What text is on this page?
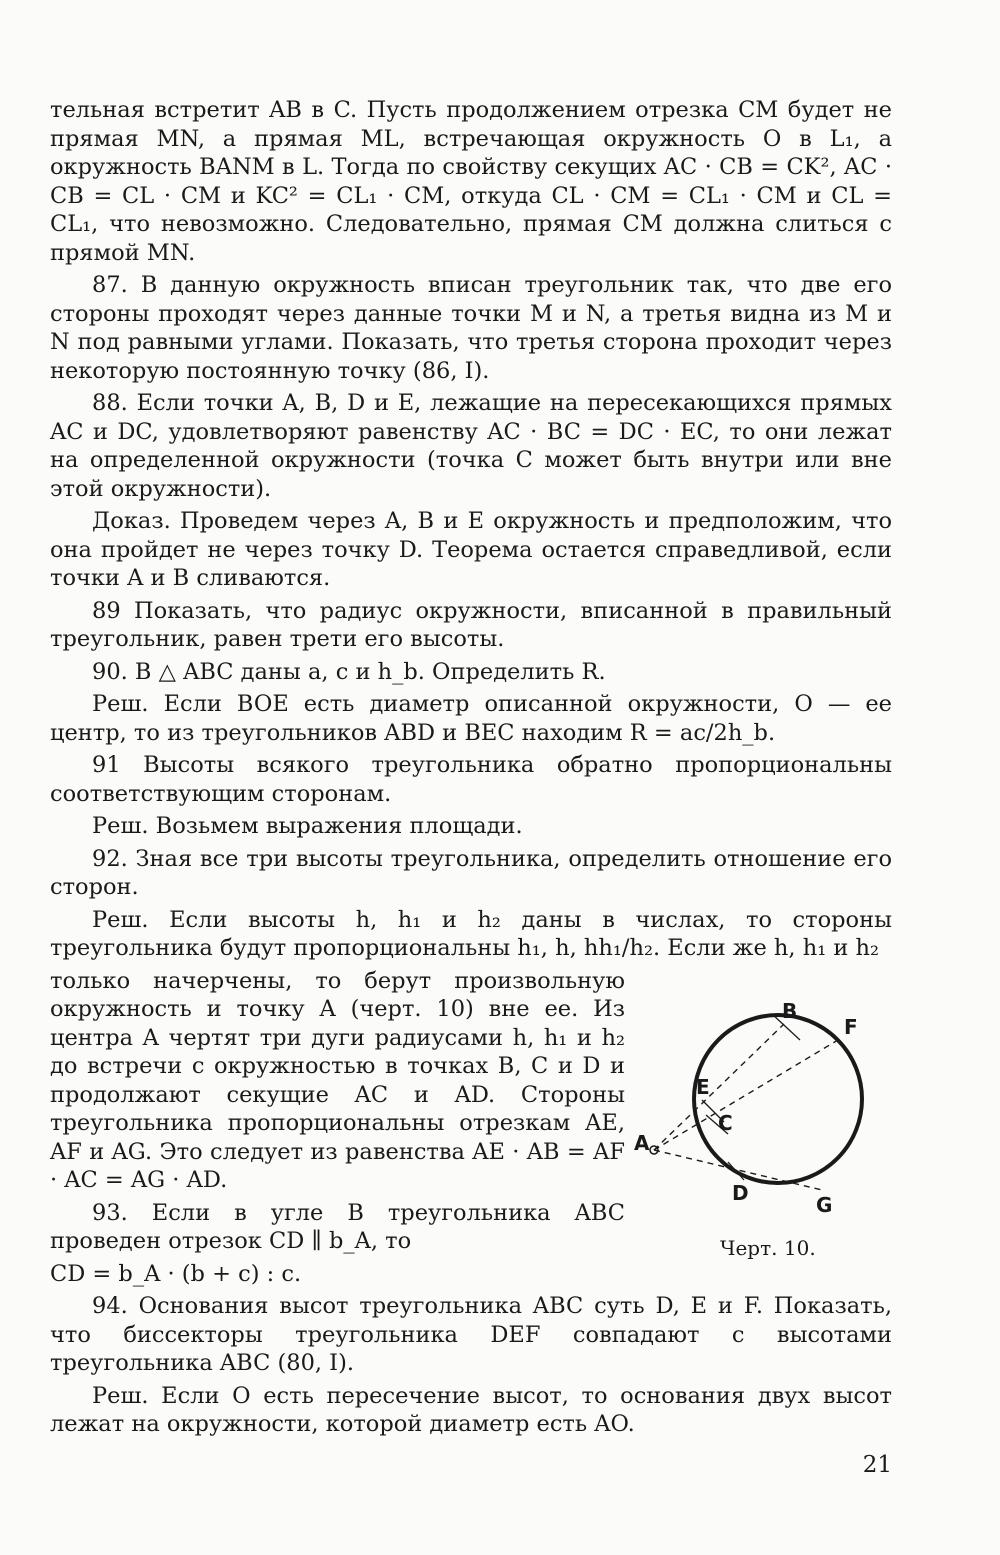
тельная встретит AB в C. Пусть продолжением отрезка CM будет не прямая MN, а прямая ML, встречающая окружность O в L₁, а окружность BANM в L. Тогда по свойству секущих AC · CB = CK², AC · CB = CL · CM и KC² = CL₁ · CM, откуда CL · CM = CL₁ · CM и CL = CL₁, что невозможно. Следовательно, прямая CM должна слиться с прямой MN.

87. В данную окружность вписан треугольник так, что две его стороны проходят через данные точки M и N, а третья видна из M и N под равными углами. Показать, что третья сторона проходит через некоторую постоянную точку (86, I).

88. Если точки A, B, D и E, лежащие на пересекающихся прямых AC и DC, удовлетворяют равенству AC · BC = DC · EC, то они лежат на определенной окружности (точка C может быть внутри или вне этой окружности).

Доказ. Проведем через A, B и E окружность и предположим, что она пройдет не через точку D. Теорема остается справедливой, если точки A и B сливаются.

89 Показать, что радиус окружности, вписанной в правильный треугольник, равен трети его высоты.

90. В △ ABC даны a, c и h_b. Определить R.

Реш. Если BOE есть диаметр описанной окружности, O — ее центр, то из треугольников ABD и BEC находим R = ac/2h_b.

91 Высоты всякого треугольника обратно пропорциональны соответствующим сторонам.

Реш. Возьмем выражения площади.

92. Зная все три высоты треугольника, определить отношение его сторон.

Реш. Если высоты h, h₁ и h₂ даны в числах, то стороны треугольника будут пропорциональны h₁, h, hh₁/h₂. Если же h, h₁ и h₂

только начерчены, то берут произвольную окружность и точку A (черт. 10) вне ее. Из центра A чертят три дуги радиусами h, h₁ и h₂ до встречи с окружностью в точках B, C и D и продолжают секущие AC и AD. Стороны треугольника пропорциональны отрезкам AE, AF и AG. Это следует из равенства AE · AB = AF · AC = AG · AD.

93. Если в угле B треугольника ABC проведен отрезок CD ∥ b_A, то

CD = b_A · (b + c) : c.

94. Основания высот треугольника ABC суть D, E и F. Показать, что биссекторы треугольника DEF совпадают с высотами треугольника ABC (80, I).

Реш. Если O есть пересечение высот, то основания двух высот лежат на окружности, которой диаметр есть AO.

B
F
E
C
A
D	G
Черт. 10.
21
